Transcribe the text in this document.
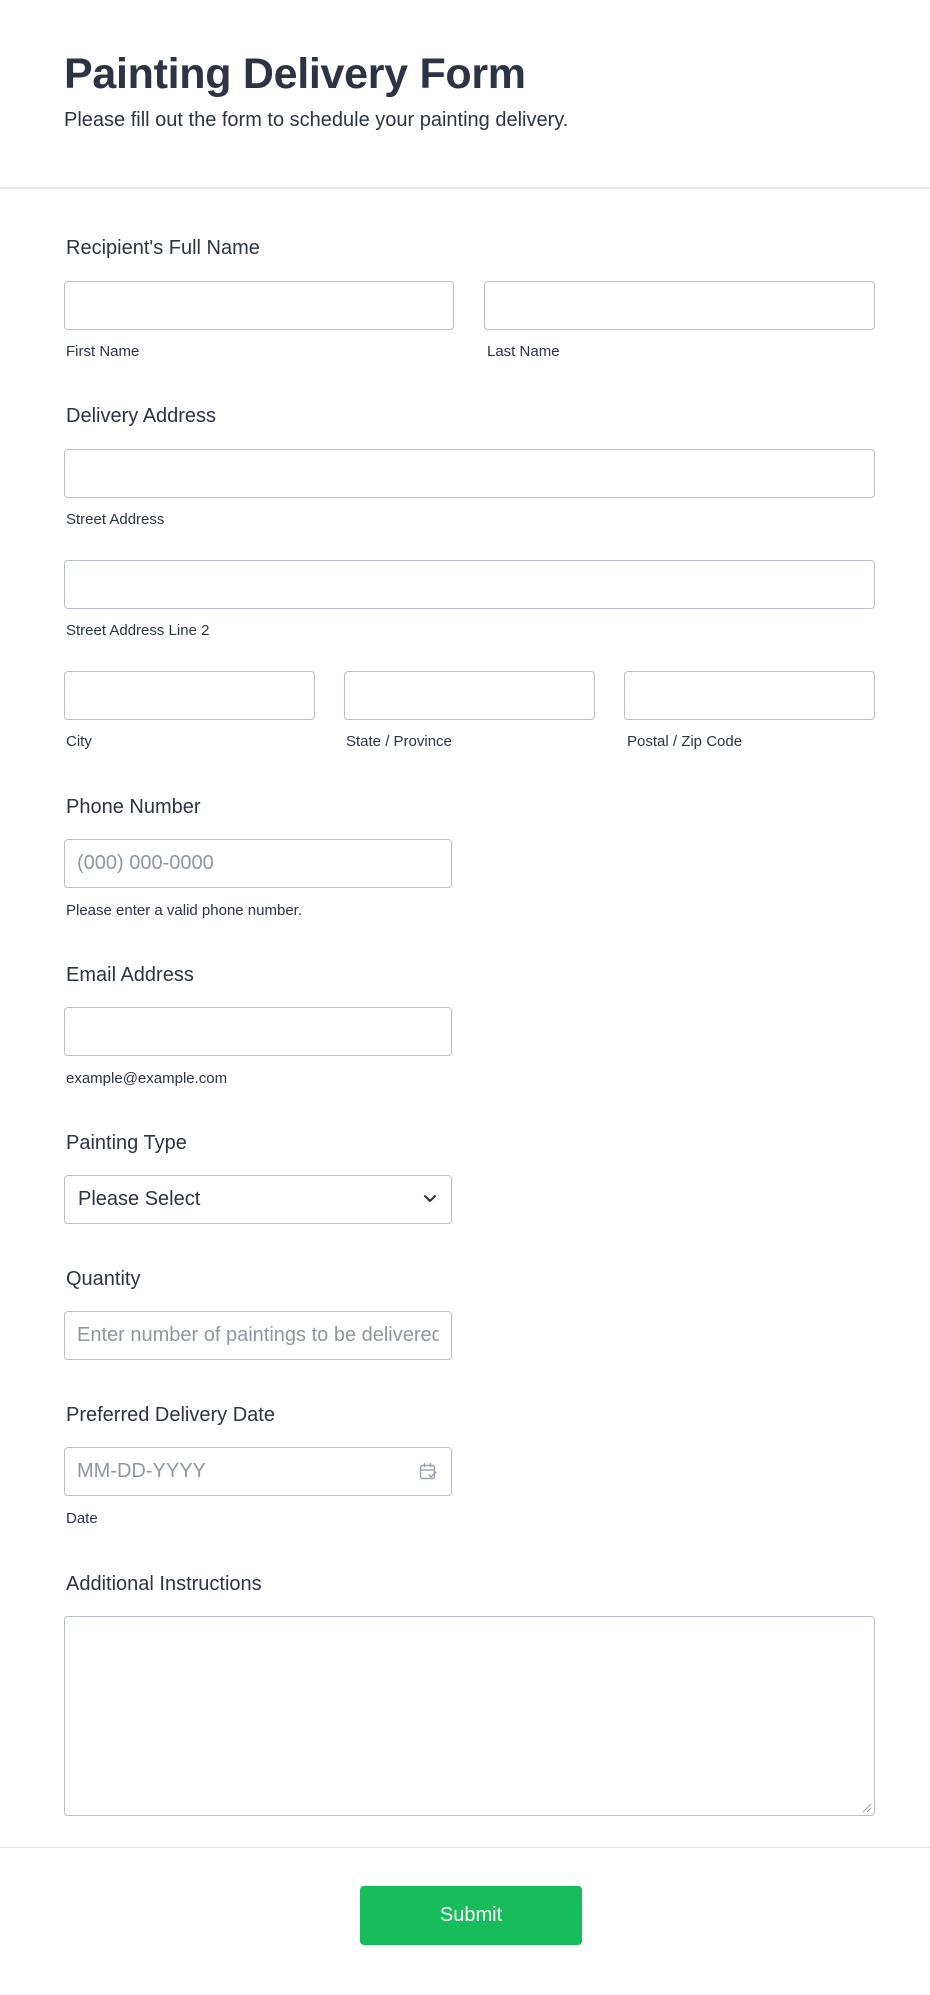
Painting Delivery Form

Please fill out the form to schedule your painting delivery.

Recipient's Full Name
First Name	Last Name
Delivery Address
Street Address
Street Address Line 2
City	State / Province	Postal / Zip Code
Phone Number
(000) 000-0000
Please enter a valid phone number.
Email Address
example@example.com
Painting Type
Please Select
Quantity
Enter number of paintings to be delivered
Preferred Delivery Date
MM-DD-YYYY
Date
Additional Instructions
Submit
